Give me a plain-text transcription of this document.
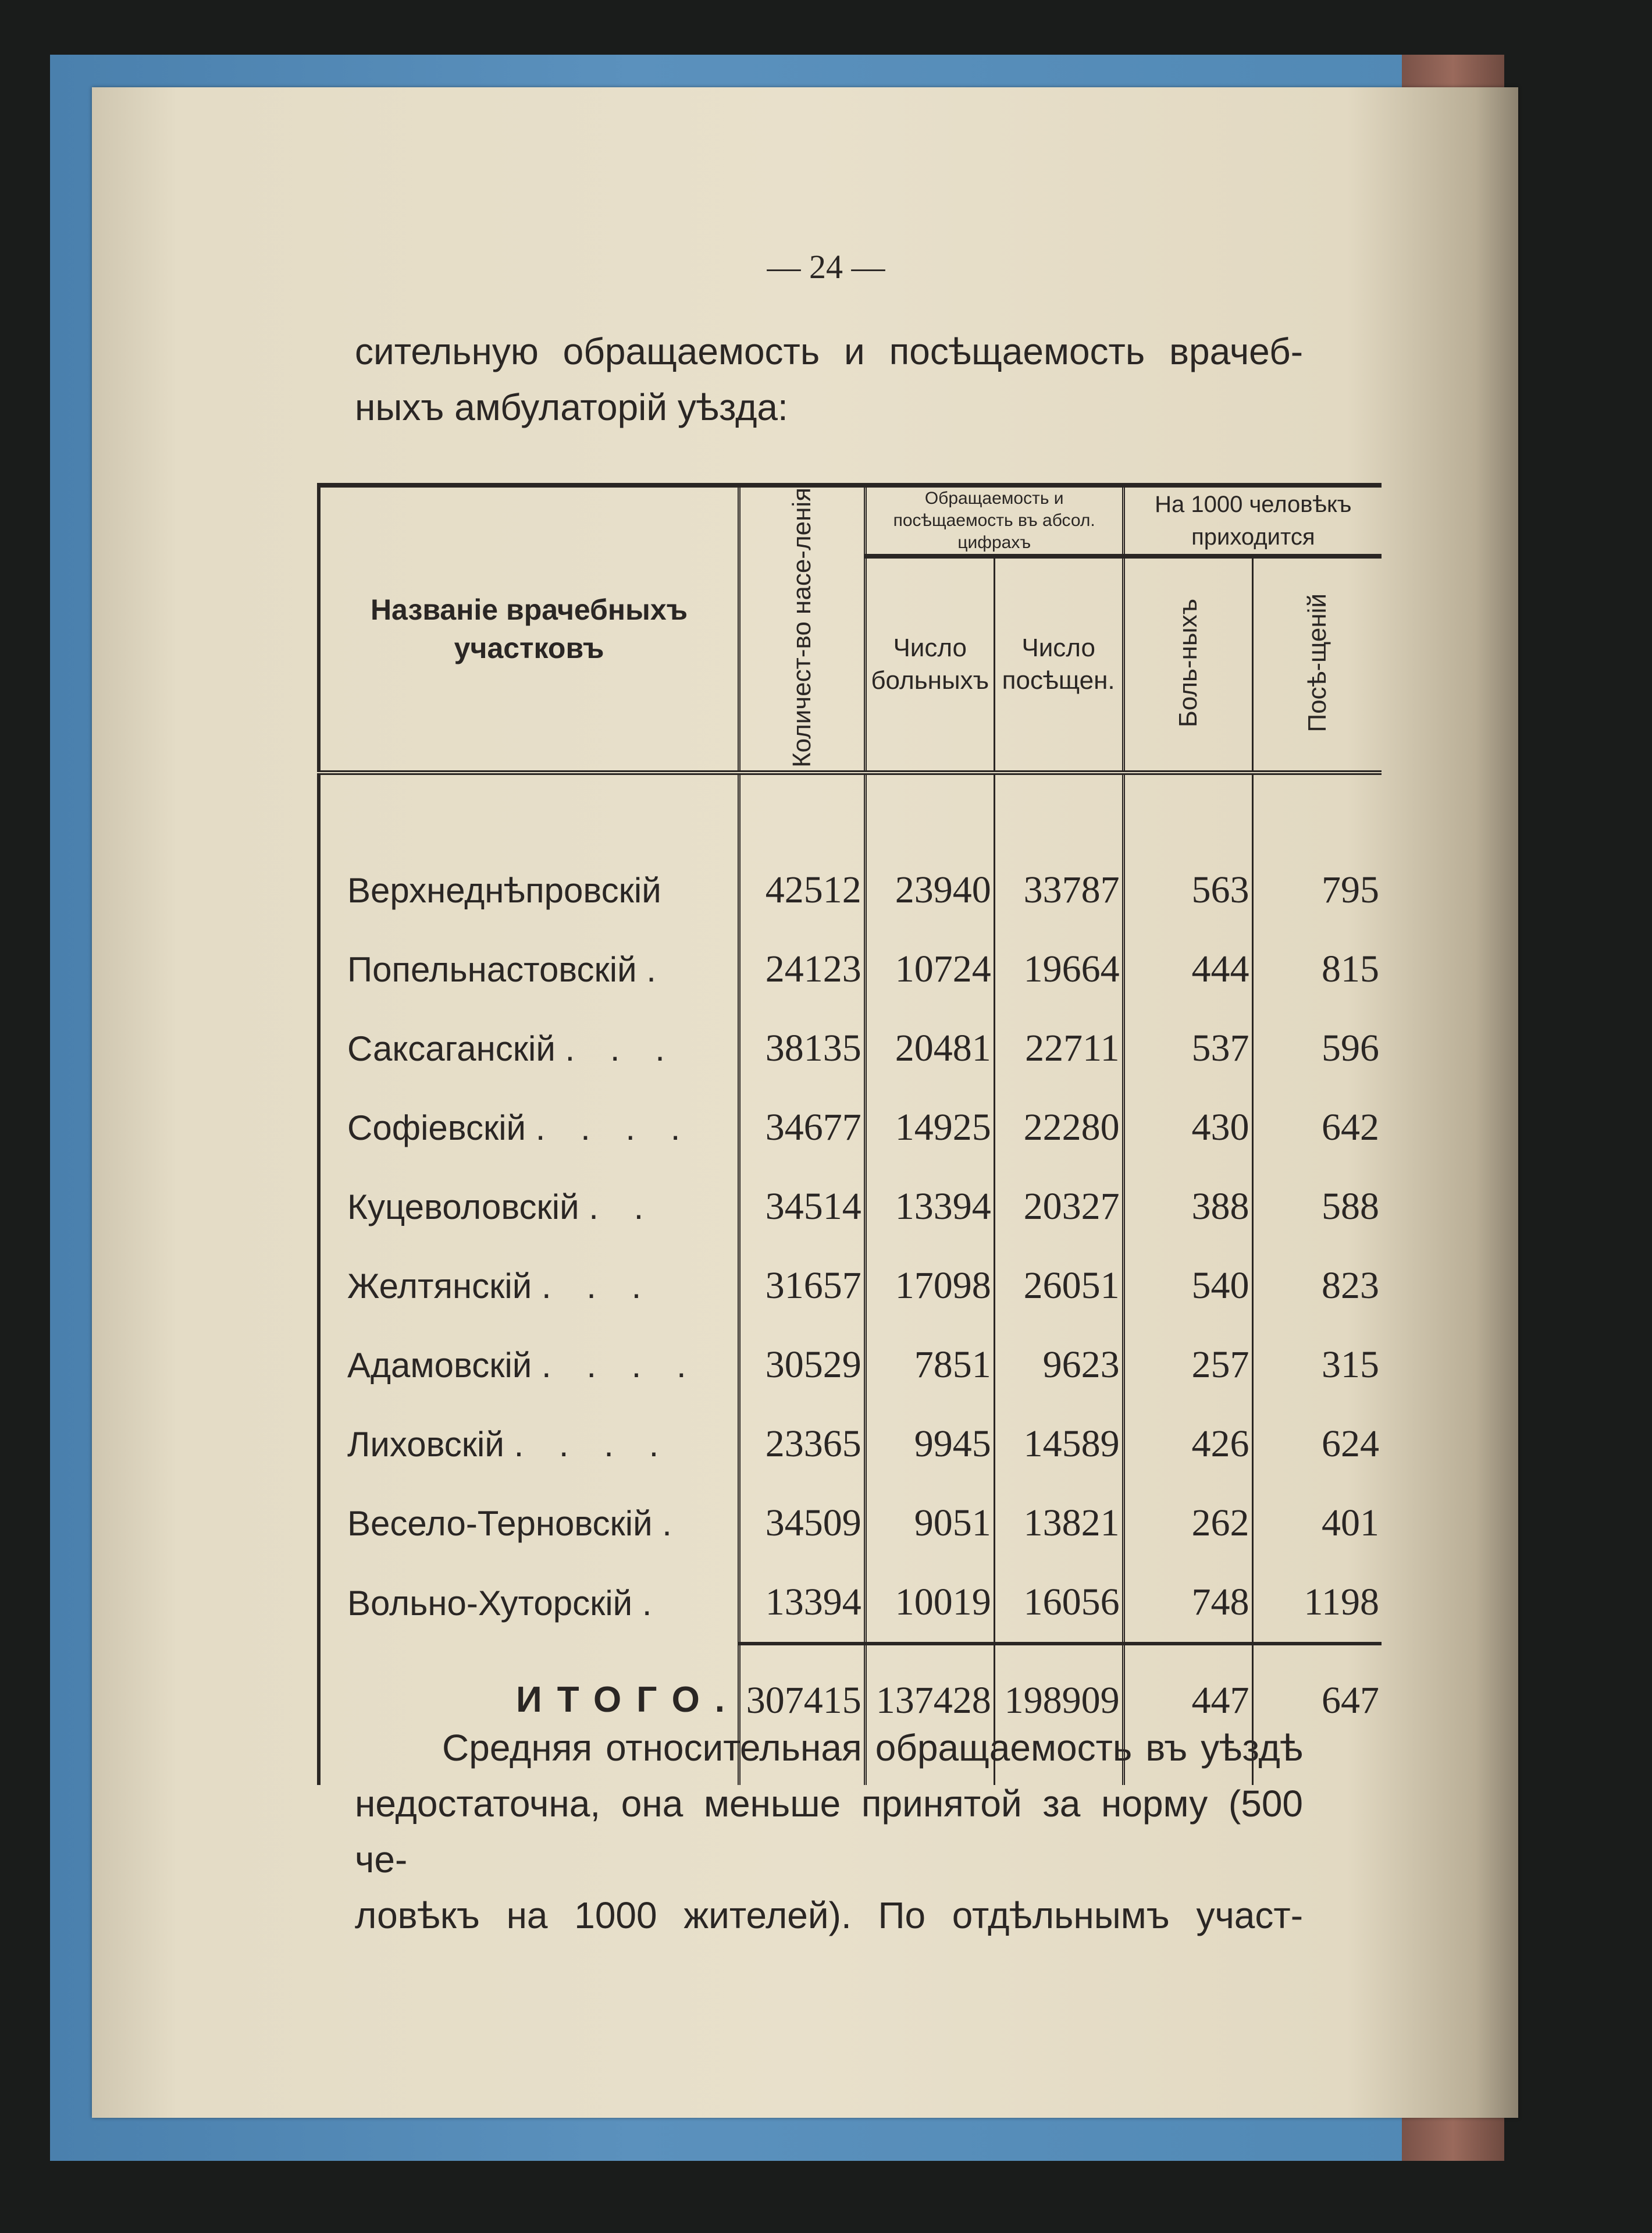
— 24 —
сительную обращаемость и посѣщаемость врачеб-
ныхъ амбулаторій уѣзда:
Названіе врачебныхъ участковъ	Количест-во насе-ленія	Обращаемость и посѣщаемость въ абсол. цифрахъ		На 1000 человѣкъ приходится	
		Число больныхъ	Число посѣщен.	Боль-ныхъ	Посѣ-щеній

Верхнеднѣпровскій	42512	23940	33787	563	795
Попельнастовскій .	24123	10724	19664	444	815
Саксаганскій . . .	38135	20481	22711	537	596
Софіевскій . . . .	34677	14925	22280	430	642
Куцеволовскій . .	34514	13394	20327	388	588
Желтянскій . . .	31657	17098	26051	540	823
Адамовскій . . . .	30529	7851	9623	257	315
Лиховскій . . . .	23365	9945	14589	426	624
Весело-Терновскій .	34509	9051	13821	262	401
Вольно-Хуторскій .	13394	10019	16056	748	1198
ИТОГО.	307415	137428	198909	447	647

Средняя относительная обращаемость въ уѣздѣ
недостаточна, она меньше принятой за норму (500 че-
ловѣкъ на 1000 жителей). По отдѣльнымъ участ-
